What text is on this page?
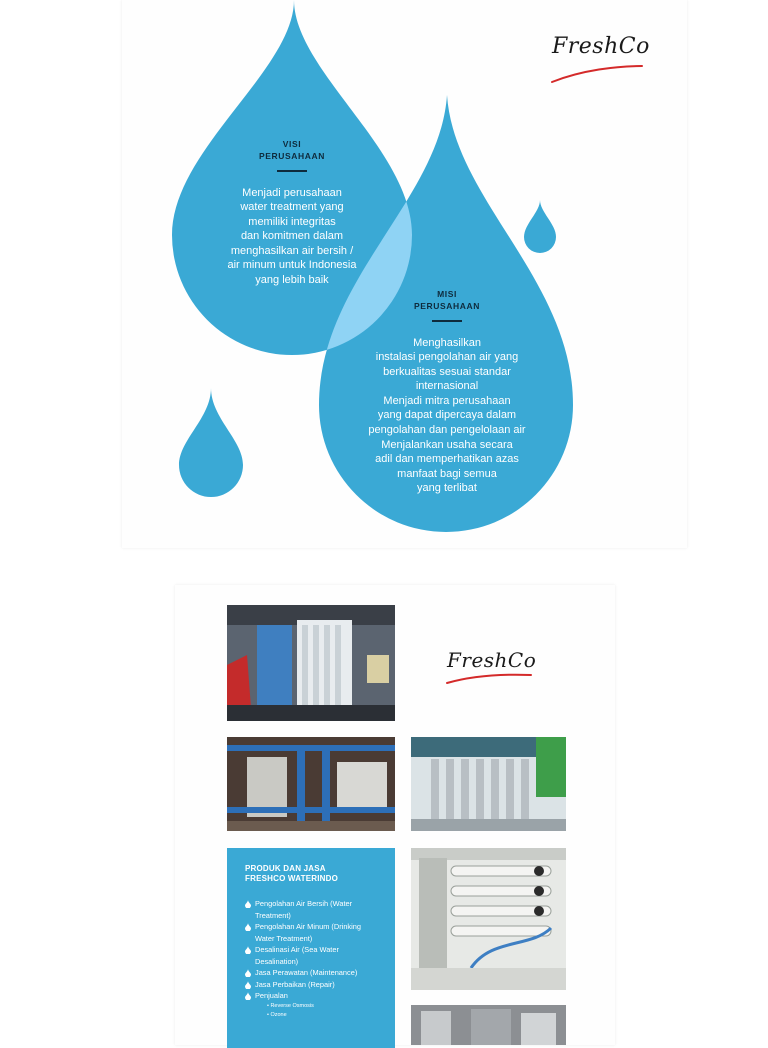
FreshCo
VISI
PERUSAHAAN
Menjadi perusahaan
water treatment yang
memiliki integritas
dan komitmen dalam
menghasilkan air bersih /
air minum untuk Indonesia
yang lebih baik
MISI
PERUSAHAAN
Menghasilkan
instalasi pengolahan air yang
berkualitas sesuai standar
internasional
Menjadi mitra perusahaan
yang dapat dipercaya dalam
pengolahan dan pengelolaan air
Menjalankan usaha secara
adil dan memperhatikan azas
manfaat bagi semua
yang terlibat
FreshCo
PRODUK DAN JASA
FRESHCO WATERINDO
Pengolahan Air Bersih (Water
Treatment)
Pengolahan Air Minum (Drinking
Water Treatment)
Desalinasi Air (Sea Water
Desalination)
Jasa Perawatan (Maintenance)
Jasa Perbaikan (Repair)
Penjualan
• Reverse Osmosis
• Ozone
